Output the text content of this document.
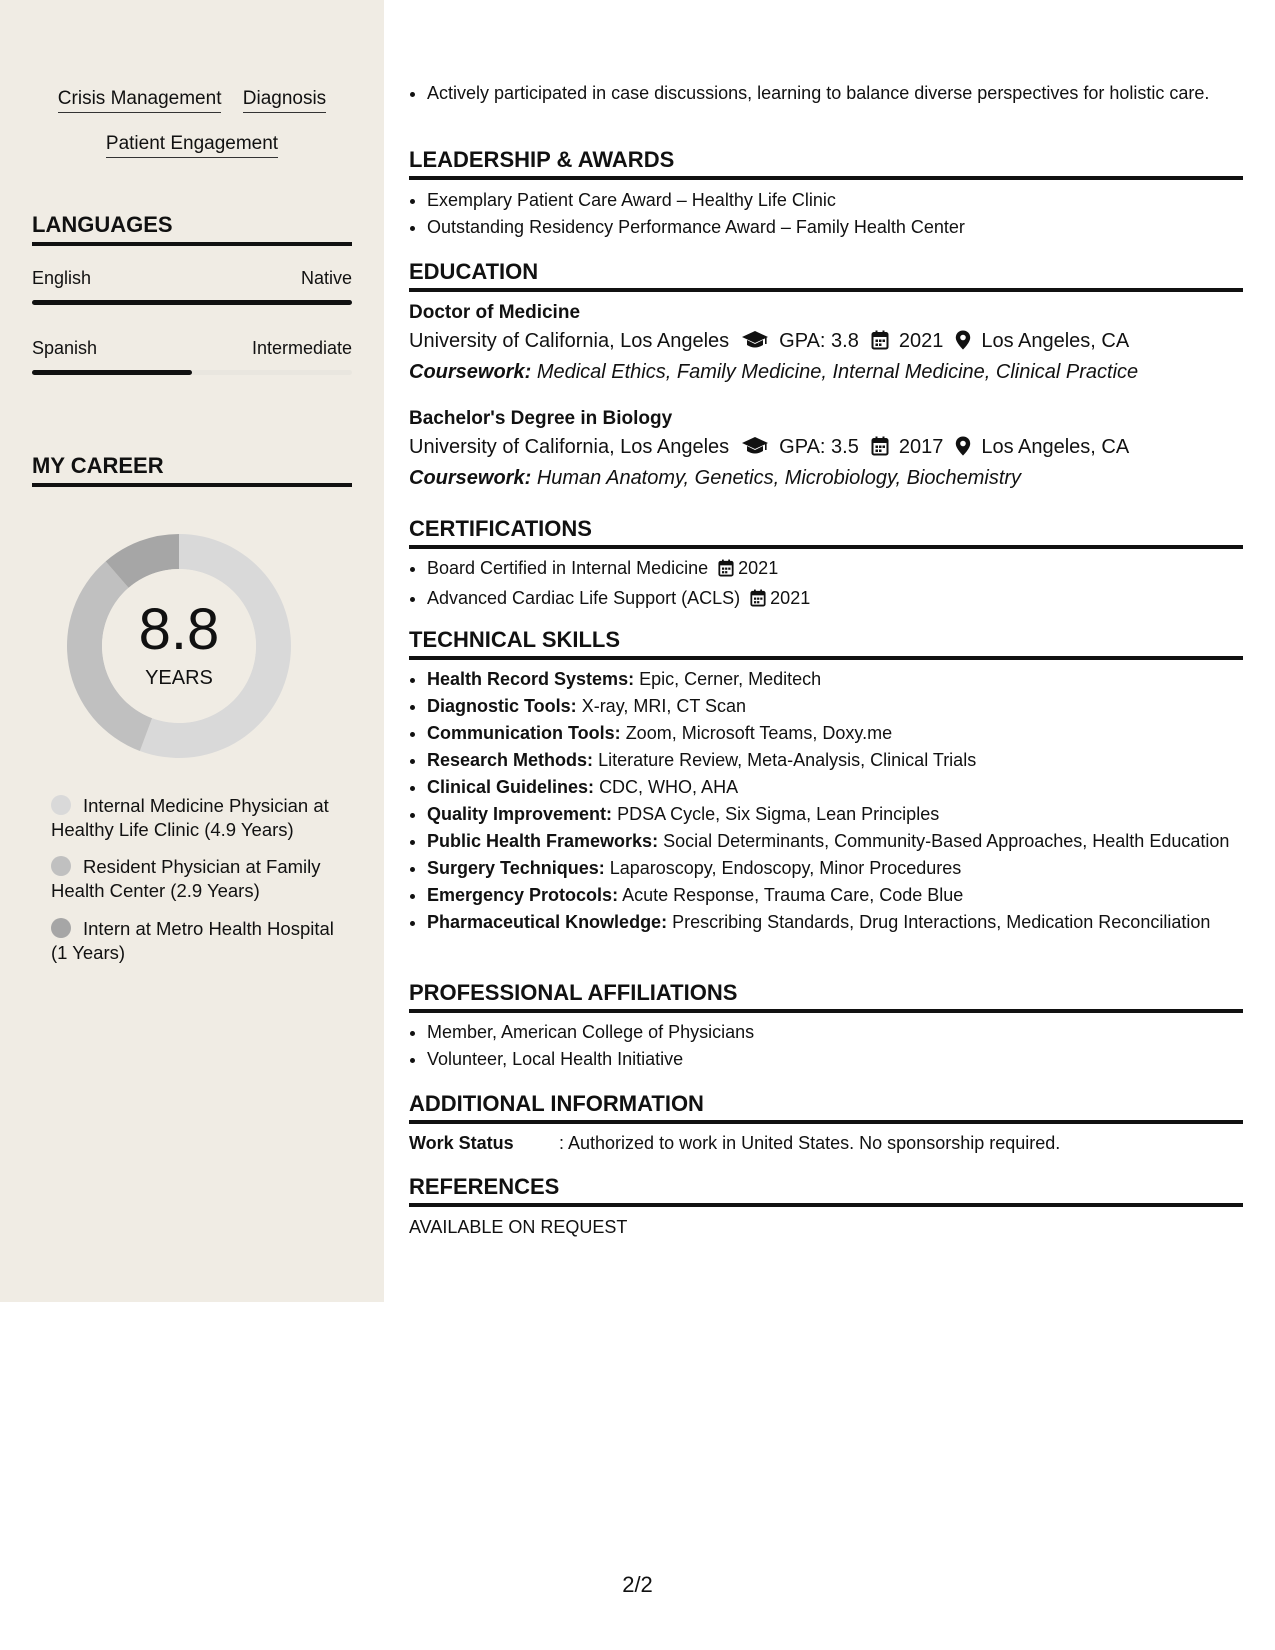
Crisis Management Diagnosis
Patient Engagement
LANGUAGES
English	Native
Spanish	Intermediate
MY CAREER
8.8
YEARS
Internal Medicine Physician at Healthy Life Clinic (4.9 Years)
Resident Physician at Family Health Center (2.9 Years)
Intern at Metro Health Hospital (1 Years)
• Actively participated in case discussions, learning to balance diverse perspectives for holistic care.
LEADERSHIP & AWARDS
• Exemplary Patient Care Award – Healthy Life Clinic
• Outstanding Residency Performance Award – Family Health Center
EDUCATION
Doctor of Medicine
University of California, Los Angeles	GPA: 3.8 2021 Los Angeles, CA
Coursework: Medical Ethics, Family Medicine, Internal Medicine, Clinical Practice
Bachelor's Degree in Biology
University of California, Los Angeles	GPA: 3.5 2017 Los Angeles, CA
Coursework: Human Anatomy, Genetics, Microbiology, Biochemistry
CERTIFICATIONS
• Board Certified in Internal Medicine 2021
• Advanced Cardiac Life Support (ACLS) 2021
TECHNICAL SKILLS
• Health Record Systems: Epic, Cerner, Meditech
• Diagnostic Tools: X-ray, MRI, CT Scan
• Communication Tools: Zoom, Microsoft Teams, Doxy.me
• Research Methods: Literature Review, Meta-Analysis, Clinical Trials
• Clinical Guidelines: CDC, WHO, AHA
• Quality Improvement: PDSA Cycle, Six Sigma, Lean Principles
• Public Health Frameworks: Social Determinants, Community-Based Approaches, Health Education
• Surgery Techniques: Laparoscopy, Endoscopy, Minor Procedures
• Emergency Protocols: Acute Response, Trauma Care, Code Blue
• Pharmaceutical Knowledge: Prescribing Standards, Drug Interactions, Medication Reconciliation
PROFESSIONAL AFFILIATIONS
• Member, American College of Physicians
• Volunteer, Local Health Initiative
ADDITIONAL INFORMATION
Work Status	: Authorized to work in United States. No sponsorship required.
REFERENCES
AVAILABLE ON REQUEST
2/2
